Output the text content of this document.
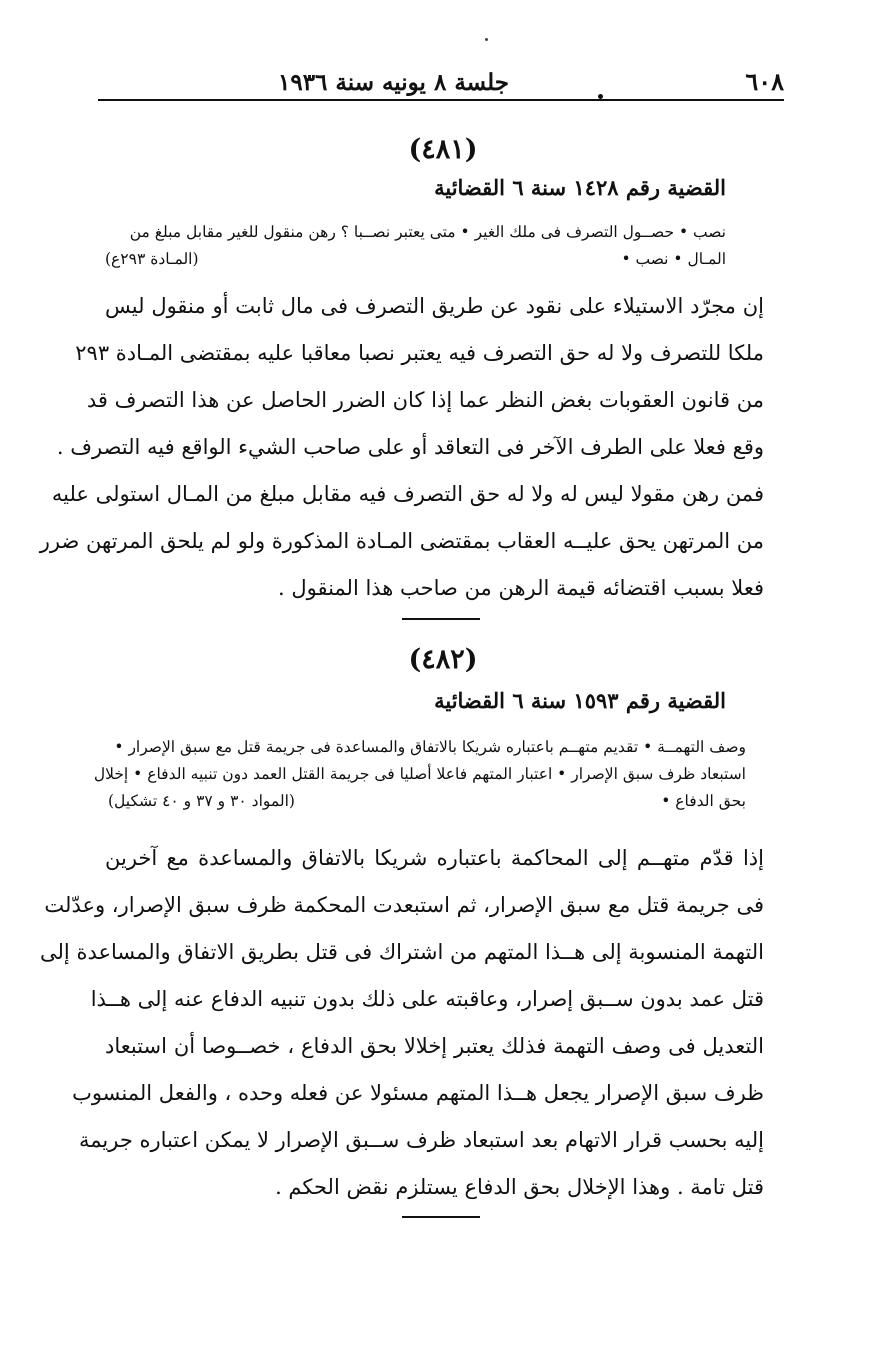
٦٠٨
جلسة ٨ يونيه سنة ١٩٣٦
(٤٨١)
القضية رقم ١٤٢٨ سنة ٦ القضائية
نصب • حصــول التصرف فى ملك الغير • متى يعتبر نصــبا ؟ رهن منقول للغير مقابل مبلغ من
المـال • نصب •
(المـادة ٢٩٣ع)
إن مجرّد الاستيلاء على نقود عن طريق التصرف فى مال ثابت أو منقول ليس
ملكا للتصرف ولا له حق التصرف فيه يعتبر نصبا معاقبا عليه بمقتضى المـادة ٢٩٣
من قانون العقوبات بغض النظر عما إذا كان الضرر الحاصل عن هذا التصرف قد
وقع فعلا على الطرف الآخر فى التعاقد أو على صاحب الشيء الواقع فيه التصرف .
فمن رهن مقولا ليس له ولا له حق التصرف فيه مقابل مبلغ من المـال استولى عليه
من المرتهن يحق عليــه العقاب بمقتضى المـادة المذكورة ولو لم يلحق المرتهن ضرر
فعلا بسبب اقتضائه قيمة الرهن من صاحب هذا المنقول .
(٤٨٢)
القضية رقم ١٥٩٣ سنة ٦ القضائية
وصف التهمــة • تقديم متهــم باعتباره شريكا بالاتفاق والمساعدة فى جريمة قتل مع سبق الإصرار •
استبعاد ظرف سبق الإصرار • اعتبار المتهم فاعلا أصليا فى جريمة القتل العمد دون تنبيه الدفاع • إخلال
بحق الدفاع •
(المواد ٣٠ و ٣٧ و ٤٠ تشكيل)
إذا قدّم متهــم إلى المحاكمة باعتباره شريكا بالاتفاق والمساعدة مع آخرين
فى جريمة قتل مع سبق الإصرار، ثم استبعدت المحكمة ظرف سبق الإصرار، وعدّلت
التهمة المنسوبة إلى هــذا المتهم من اشتراك فى قتل بطريق الاتفاق والمساعدة إلى
قتل عمد بدون ســبق إصرار، وعاقبته على ذلك بدون تنبيه الدفاع عنه إلى هــذا
التعديل فى وصف التهمة فذلك يعتبر إخلالا بحق الدفاع ، خصــوصا أن استبعاد
ظرف سبق الإصرار يجعل هــذا المتهم مسئولا عن فعله وحده ، والفعل المنسوب
إليه بحسب قرار الاتهام بعد استبعاد ظرف ســبق الإصرار لا يمكن اعتباره جريمة
قتل تامة . وهذا الإخلال بحق الدفاع يستلزم نقض الحكم .
